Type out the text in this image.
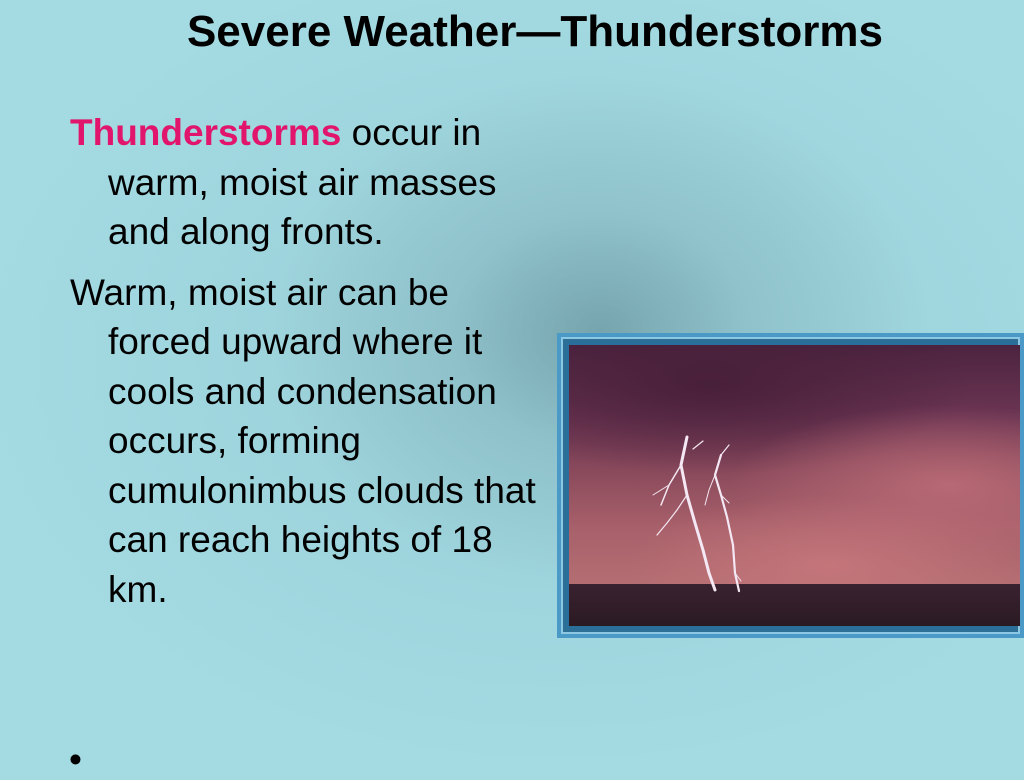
Severe Weather—Thunderstorms

Thunderstorms occur in warm, moist air masses and along fronts.

Warm, moist air can be forced upward where it cools and condensation occurs, forming cumulonimbus clouds that can reach heights of 18 km.

•
